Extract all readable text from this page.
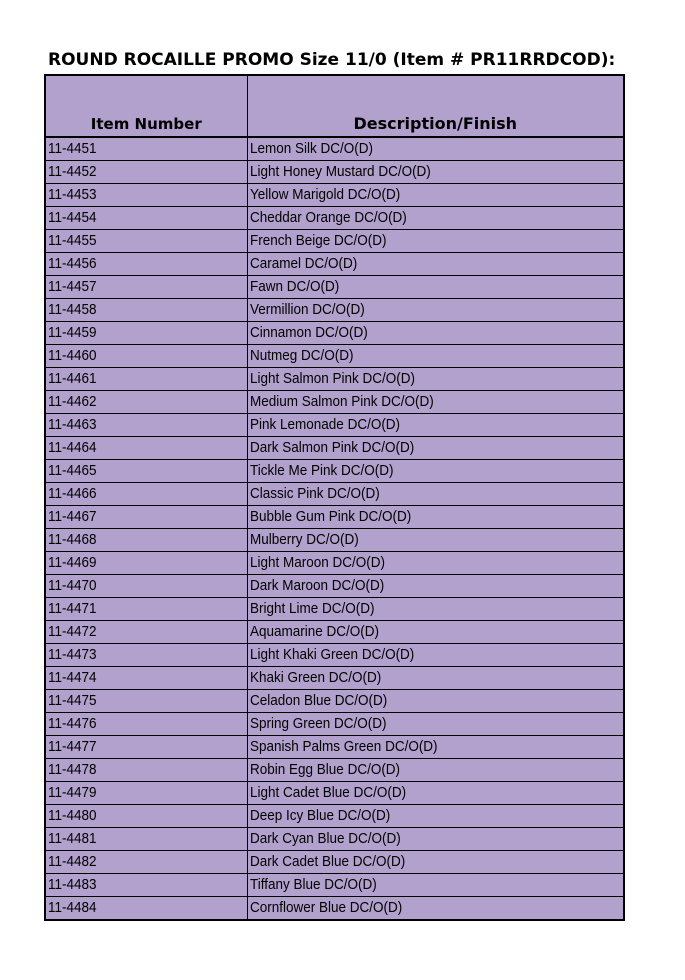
ROUND ROCAILLE PROMO Size 11/0 (Item # PR11RRDCOD):
Item Number	Description/Finish
11-4451	Lemon Silk DC/O(D)
11-4452	Light Honey Mustard DC/O(D)
11-4453	Yellow Marigold DC/O(D)
11-4454	Cheddar Orange DC/O(D)
11-4455	French Beige DC/O(D)
11-4456	Caramel DC/O(D)
11-4457	Fawn DC/O(D)
11-4458	Vermillion DC/O(D)
11-4459	Cinnamon DC/O(D)
11-4460	Nutmeg DC/O(D)
11-4461	Light Salmon Pink DC/O(D)
11-4462	Medium Salmon Pink DC/O(D)
11-4463	Pink Lemonade DC/O(D)
11-4464	Dark Salmon Pink DC/O(D)
11-4465	Tickle Me Pink DC/O(D)
11-4466	Classic Pink DC/O(D)
11-4467	Bubble Gum Pink DC/O(D)
11-4468	Mulberry DC/O(D)
11-4469	Light Maroon DC/O(D)
11-4470	Dark Maroon DC/O(D)
11-4471	Bright Lime DC/O(D)
11-4472	Aquamarine DC/O(D)
11-4473	Light Khaki Green DC/O(D)
11-4474	Khaki Green DC/O(D)
11-4475	Celadon Blue DC/O(D)
11-4476	Spring Green DC/O(D)
11-4477	Spanish Palms Green DC/O(D)
11-4478	Robin Egg Blue DC/O(D)
11-4479	Light Cadet Blue DC/O(D)
11-4480	Deep Icy Blue DC/O(D)
11-4481	Dark Cyan Blue DC/O(D)
11-4482	Dark Cadet Blue DC/O(D)
11-4483	Tiffany Blue DC/O(D)
11-4484	Cornflower Blue DC/O(D)
